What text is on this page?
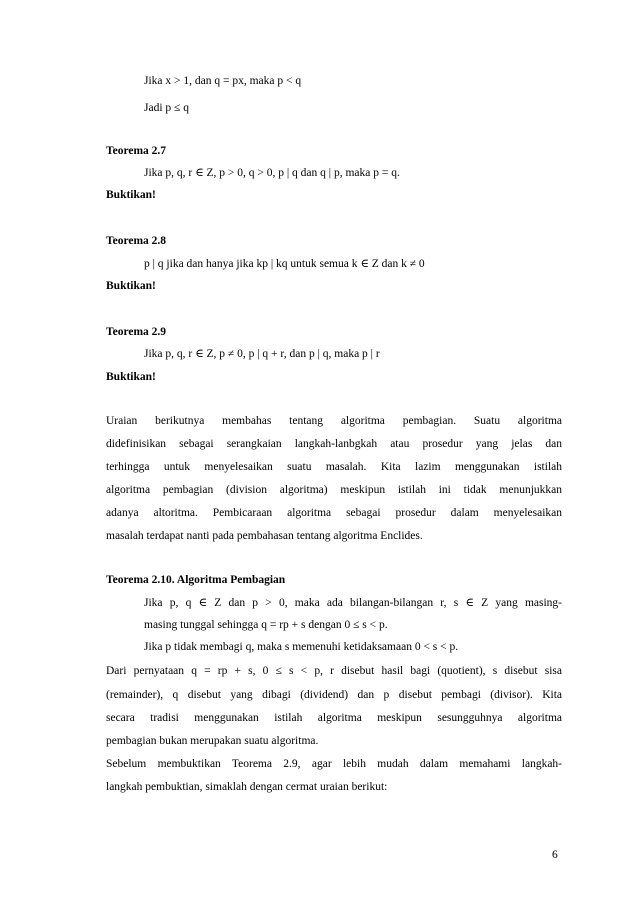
Jika x > 1, dan q = px, maka p < q
Jadi p ≤ q
Teorema 2.7
Jika p, q, r ∈ Z, p > 0, q > 0, p | q dan q | p, maka p = q.
Buktikan!
Teorema 2.8
p | q jika dan hanya jika kp | kq untuk semua k ∈ Z dan k ≠ 0
Buktikan!
Teorema 2.9
Jika p, q, r ∈ Z, p ≠ 0, p | q + r, dan p | q, maka p | r
Buktikan!
Uraian berikutnya membahas tentang algoritma pembagian. Suatu algoritma
didefinisikan sebagai serangkaian langkah-lanbgkah atau prosedur yang jelas dan
terhingga untuk menyelesaikan suatu masalah. Kita lazim menggunakan istilah
algoritma pembagian (division algoritma) meskipun istilah ini tidak menunjukkan
adanya altoritma. Pembicaraan algoritma sebagai prosedur dalam menyelesaikan
masalah terdapat nanti pada pembahasan tentang algoritma Enclides.
Teorema 2.10. Algoritma Pembagian
Jika p, q ∈ Z dan p > 0, maka ada bilangan-bilangan r, s ∈ Z yang masing-
masing tunggal sehingga q = rp + s dengan 0 ≤ s < p.
Jika p tidak membagi q, maka s memenuhi ketidaksamaan 0 < s < p.
Dari pernyataan q = rp + s, 0 ≤ s < p, r disebut hasil bagi (quotient), s disebut sisa
(remainder), q disebut yang dibagi (dividend) dan p disebut pembagi (divisor). Kita
secara tradisi menggunakan istilah algoritma meskipun sesungguhnya algoritma
pembagian bukan merupakan suatu algoritma.
Sebelum membuktikan Teorema 2.9, agar lebih mudah dalam memahami langkah-
langkah pembuktian, simaklah dengan cermat uraian berikut:
6
